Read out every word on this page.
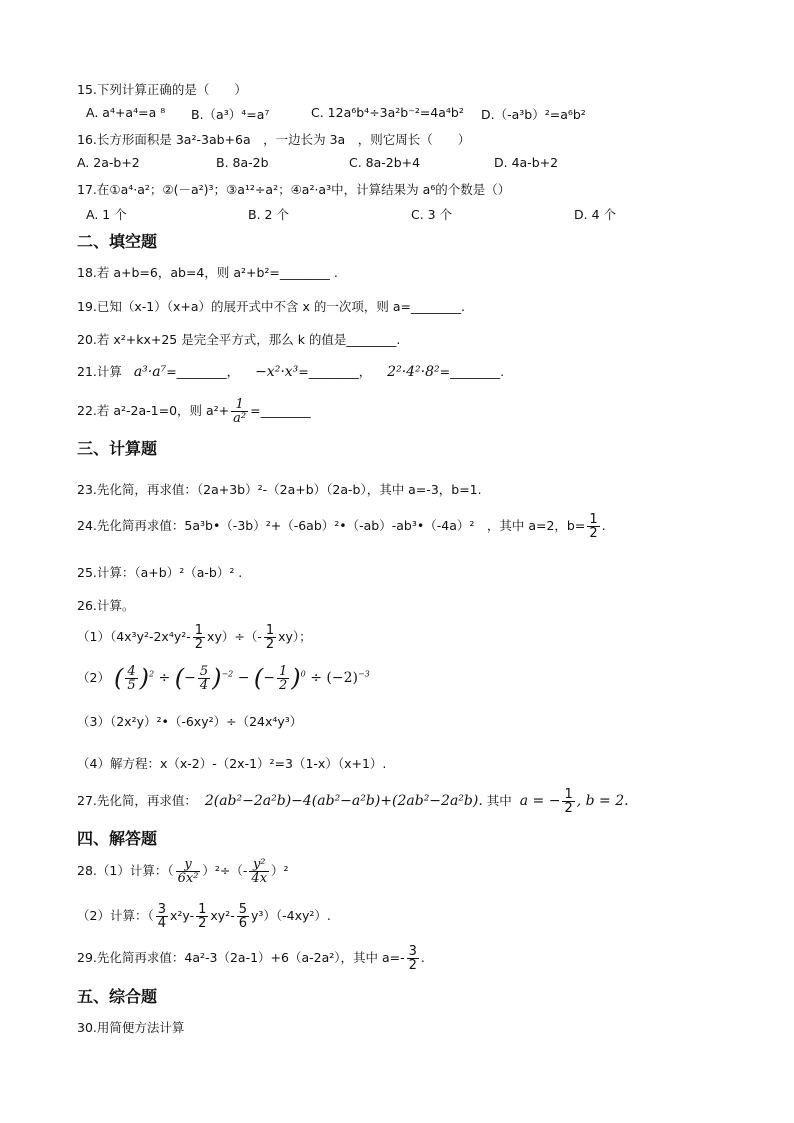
15.下列计算正确的是（　　）
A. a⁴+a⁴=a ⁸ B.（a³）⁴=a⁷	C. 12a⁶b⁴÷3a²b⁻²=4a⁴b² D.（-a³b）²=a⁶b²
16.长方形面积是 3a²-3ab+6a　，一边长为 3a　，则它周长（　　）
A. 2a-b+2	B. 8a-2b	C. 8a-2b+4	D. 4a-b+2
17.在①a⁴·a²；②(－a²)³；③a¹²÷a²；④a²·a³中，计算结果为 a⁶的个数是（）
A. 1 个	B. 2 个	C. 3 个	D. 4 个
二、填空题
18.若 a+b=6，ab=4，则 a²+b²=________ .
19.已知（x-1）（x+a）的展开式中不含 x 的一次项，则 a=________.
20.若 x²+kx+25 是完全平方式，那么 k 的值是________.
21.计算 a³·a⁷=________， −x²·x³=________， 2²·4²·8²=________.
22.若 a²-2a-1=0，则 $a^2+ \frac{1}{\text{a²}}$ =________
三、计算题
23.先化简，再求值：（2a+3b）²-（2a+b）（2a-b），其中 a=-3，b=1.
24.先化简再求值：5a³b•（-3b）²+（-6ab）²•（-ab）-ab³•（-4a）²　，其中 a=2，$b= \frac{1}{2}$ .
25.计算：（a+b）²（a-b）² .
26.计算。
$(1)(4x^3y^2-2x^4y^2- \frac{1}{2} xy)\div(- \frac{1}{2} xy)$；
（2） ( $\frac{4}{5} )^2$ ÷ (− $\frac{5}{4} )^{-2}$ − (− $\frac{1}{2} )^0 \div (-2)^{-3}$
（3）（2x²y）²•（-6xy²）÷（24x⁴y³）
（4）解方程：x（x-2）-（2x-1）²=3（1-x）（x+1）.
27.先化简，再求值： 2(ab²−2a²b)−4(ab²−a²b)+(2ab²−2a²b). 其中 a = − $\frac{1}{2}$ , b = 2.
四、解答题
28.（1）计算：（ $\frac{y}{\text{6x²}} )^2\div(- \frac{\text{y²}}{4x} )^2$
（2）计算：（ $\frac{3}{4} x^2y- \frac{1}{2} xy^2- \frac{5}{6} y^3)(-4xy^2)$.
29.先化简再求值：4a²-3（2a-1）+6（a-2a²），其中 $a=- \frac{3}{2}$ .
五、综合题
30.用简便方法计算
